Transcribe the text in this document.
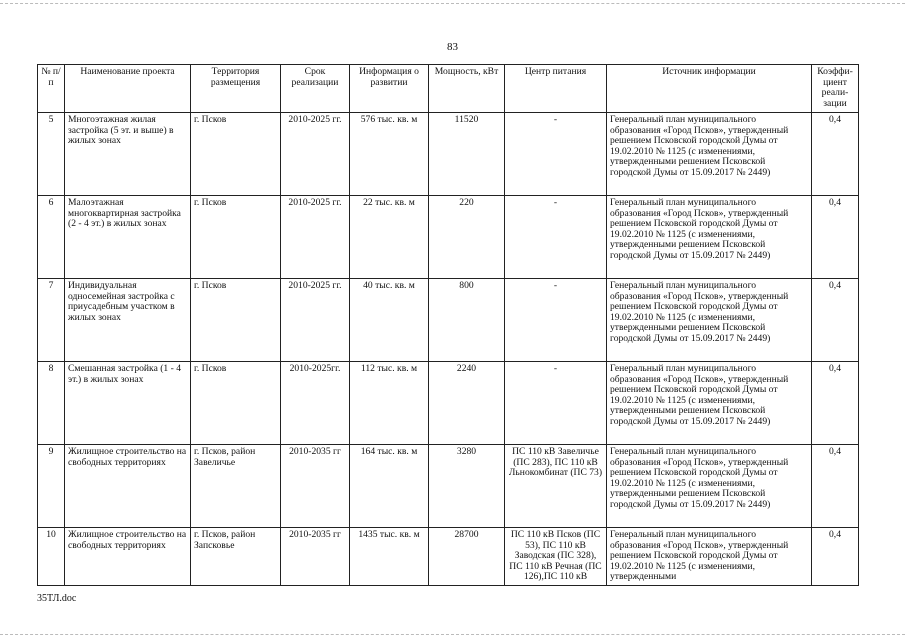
83
№ п/п	Наименование проекта	Территория размещения	Срок реализации	Информация о развитии	Мощность, кВт	Центр питания	Источник информации	Коэффи-циент реали-зации
5	Многоэтажная жилая застройка (5 эт. и выше) в жилых зонах	г. Псков	2010-2025 гг.	576 тыс. кв. м	11520	-	Генеральный план муниципального образования «Город Псков», утвержденный решением Псковской городской Думы от 19.02.2010 № 1125 (с изменениями, утвержденными решением Псковской городской Думы от 15.09.2017 № 2449)	0,4
6	Малоэтажная многоквартирная застройка (2 - 4 эт.) в жилых зонах	г. Псков	2010-2025 гг.	22 тыс. кв. м	220	-	Генеральный план муниципального образования «Город Псков», утвержденный решением Псковской городской Думы от 19.02.2010 № 1125 (с изменениями, утвержденными решением Псковской городской Думы от 15.09.2017 № 2449)	0,4
7	Индивидуальная односемейная застройка с приусадебным участком в жилых зонах	г. Псков	2010-2025 гг.	40 тыс. кв. м	800	-	Генеральный план муниципального образования «Город Псков», утвержденный решением Псковской городской Думы от 19.02.2010 № 1125 (с изменениями, утвержденными решением Псковской городской Думы от 15.09.2017 № 2449)	0,4
8	Смешанная застройка (1 - 4 эт.) в жилых зонах	г. Псков	2010-2025гг.	112 тыс. кв. м	2240	-	Генеральный план муниципального образования «Город Псков», утвержденный решением Псковской городской Думы от 19.02.2010 № 1125 (с изменениями, утвержденными решением Псковской городской Думы от 15.09.2017 № 2449)	0,4
9	Жилищное строительство на свободных территориях	г. Псков, район Завеличье	2010-2035 гг	164 тыс. кв. м	3280	ПС 110 кВ Завеличье (ПС 283), ПС 110 кВ Льнокомбинат (ПС 73)	Генеральный план муниципального образования «Город Псков», утвержденный решением Псковской городской Думы от 19.02.2010 № 1125 (с изменениями, утвержденными решением Псковской городской Думы от 15.09.2017 № 2449)	0,4
10	Жилищное строительство на свободных территориях	г. Псков, район Запсковье	2010-2035 гг	1435 тыс. кв. м	28700	ПС 110 кВ Псков (ПС 53), ПС 110 кВ Заводская (ПС 328), ПС 110 кВ Речная (ПС 126),ПС 110 кВ	Генеральный план муниципального образования «Город Псков», утвержденный решением Псковской городской Думы от 19.02.2010 № 1125 (с изменениями, утвержденными	0,4
35ТЛ.doc
